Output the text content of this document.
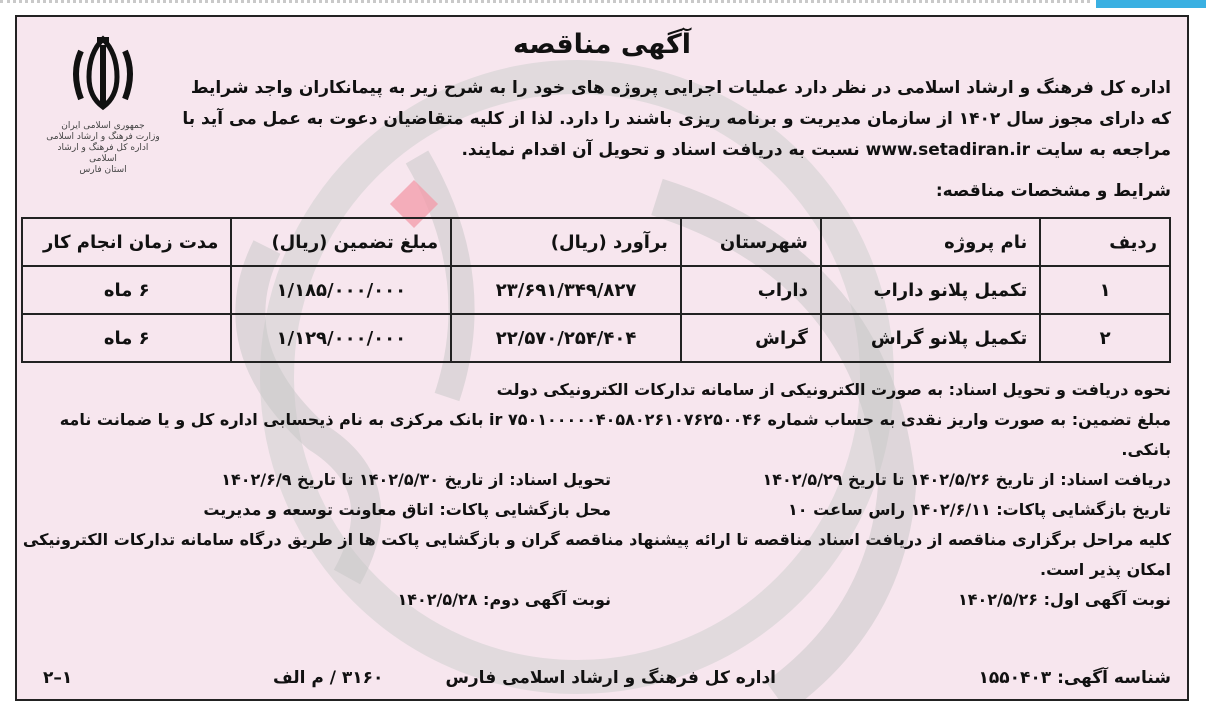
جمهوری اسلامی ایران
وزارت فرهنگ و ارشاد اسلامی
اداره کل فرهنگ و ارشاد اسلامی
استان فارس
آگهی مناقصه
اداره کل فرهنگ و ارشاد اسلامی در نظر دارد عملیات اجرایی پروژه های خود را به شرح زیر به پیمانکاران واجد شرایط که دارای مجوز سال ۱۴۰۲ از سازمان مدیریت و برنامه ریزی باشند را دارد. لذا از کلیه متقاضیان دعوت به عمل می آید با مراجعه به سایت www.setadiran.ir نسبت به دریافت اسناد و تحویل آن اقدام نمایند.
شرایط و مشخصات مناقصه:
ردیف	نام پروژه	شهرستان	برآورد (ریال)	مبلغ تضمین (ریال)	مدت زمان انجام کار
۱	تکمیل پلانو داراب	داراب	۲۳/۶۹۱/۳۴۹/۸۲۷	۱/۱۸۵/۰۰۰/۰۰۰	۶ ماه
۲	تکمیل پلانو گراش	گراش	۲۲/۵۷۰/۲۵۴/۴۰۴	۱/۱۲۹/۰۰۰/۰۰۰	۶ ماه

نحوه دریافت و تحویل اسناد: به صورت الکترونیکی از سامانه تدارکات الکترونیکی دولت

مبلغ تضمین: به صورت واریز نقدی به حساب شماره ir ۷۵۰۱۰۰۰۰۰۴۰۵۸۰۲۶۱۰۷۶۲۵۰۰۴۶ بانک مرکزی به نام ذیحسابی اداره کل و یا ضمانت نامه بانکی.

دریافت اسناد: از تاریخ ۱۴۰۲/۵/۲۶ تا تاریخ ۱۴۰۲/۵/۲۹
تحویل اسناد: از تاریخ ۱۴۰۲/۵/۳۰ تا تاریخ ۱۴۰۲/۶/۹
تاریخ بازگشایی پاکات: ۱۴۰۲/۶/۱۱ راس ساعت ۱۰
محل بازگشایی پاکات: اتاق معاونت توسعه و مدیریت

کلیه مراحل برگزاری مناقصه از دریافت اسناد مناقصه تا ارائه پیشنهاد مناقصه گران و بازگشایی پاکت ها از طریق درگاه سامانه تدارکات الکترونیکی امکان پذیر است.

نوبت آگهی اول: ۱۴۰۲/۵/۲۶
نوبت آگهی دوم: ۱۴۰۲/۵/۲۸
شناسه آگهی: ۱۵۵۰۴۰۳
اداره کل فرهنگ و ارشاد اسلامی فارس
۳۱۶۰ / م الف
۱–۲
